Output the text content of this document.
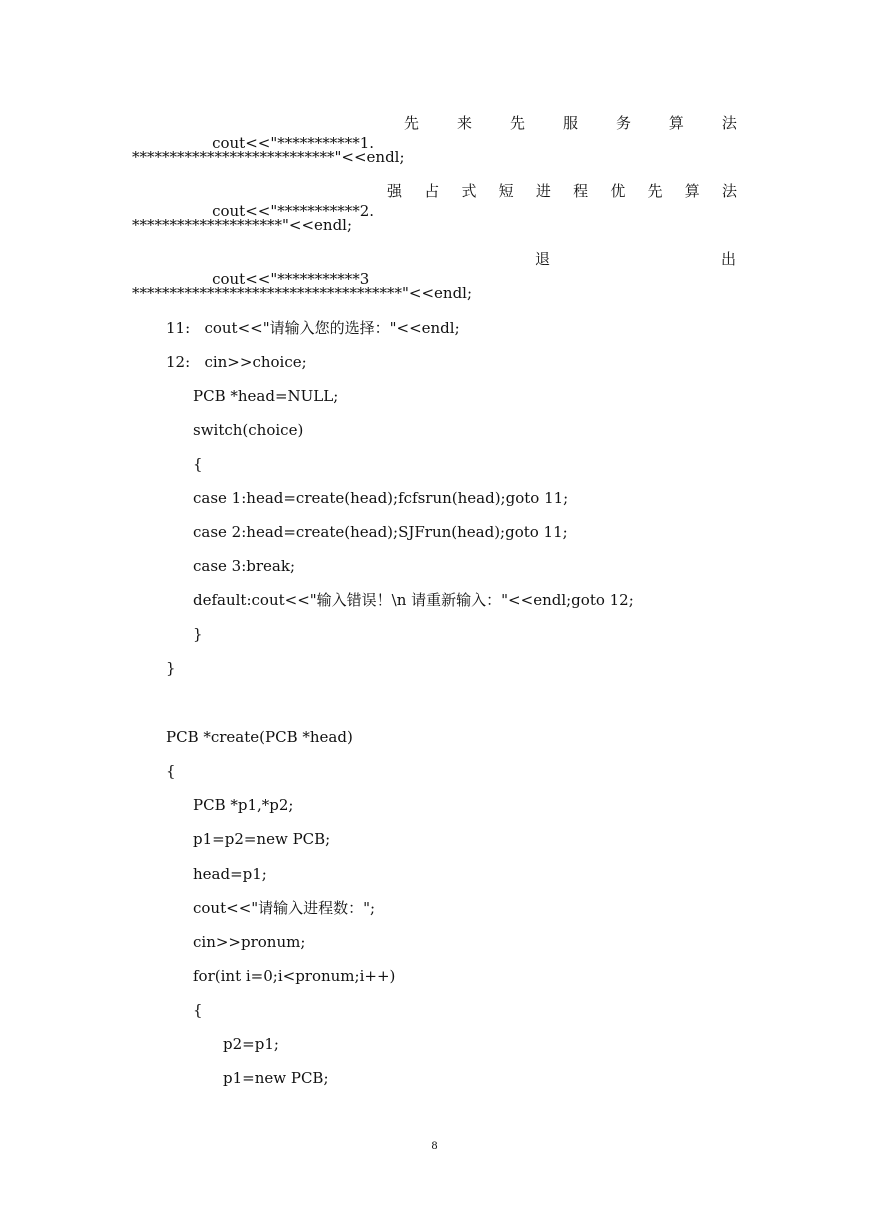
cout<<"***********1.

先	来	先	服	务	算	法
***************************"<<endl;

cout<<"***********2.

强 占 式 短 进 程 优 先 算 法
********************"<<endl;

cout<<"***********3

退	出
************************************"<<endl;
11:   cout<<"请输入您的选择："<<endl;
12:   cin>>choice;
PCB *head=NULL;
switch(choice)
{
case 1:head=create(head);fcfsrun(head);goto 11;
case 2:head=create(head);SJFrun(head);goto 11;
case 3:break;
default:cout<<"输入错误！\n 请重新输入："<<endl;goto 12;
}
}
PCB *create(PCB *head)
{
PCB *p1,*p2;
p1=p2=new PCB;
head=p1;
cout<<"请输入进程数：";
cin>>pronum;
for(int i=0;i<pronum;i++)
{
p2=p1;
p1=new PCB;
8
